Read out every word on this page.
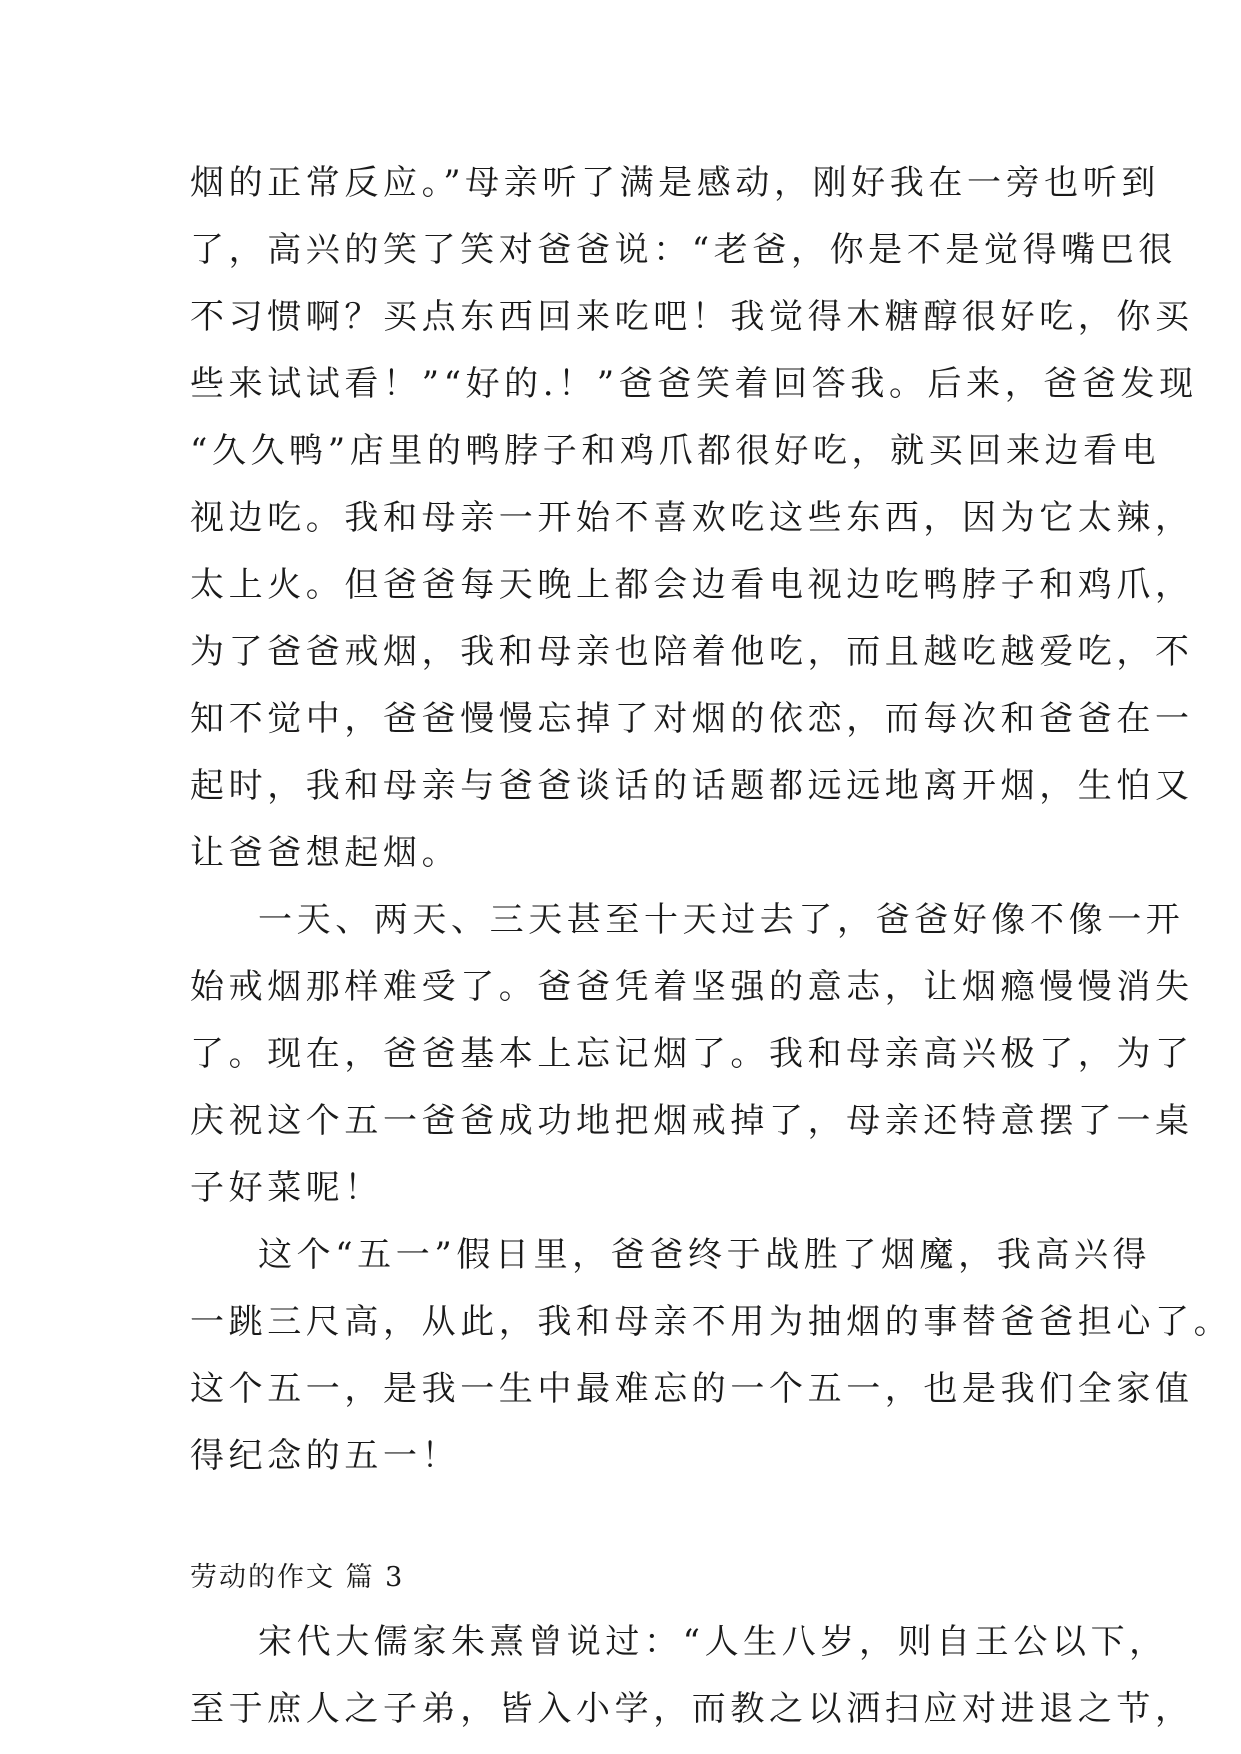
烟的正常反应。”母亲听了满是感动，刚好我在一旁也听到
了，高兴的笑了笑对爸爸说：“老爸，你是不是觉得嘴巴很
不习惯啊？买点东西回来吃吧！我觉得木糖醇很好吃，你买
些来试试看！”“好的.！”爸爸笑着回答我。后来，爸爸发现
“久久鸭”店里的鸭脖子和鸡爪都很好吃，就买回来边看电
视边吃。我和母亲一开始不喜欢吃这些东西，因为它太辣，
太上火。但爸爸每天晚上都会边看电视边吃鸭脖子和鸡爪，
为了爸爸戒烟，我和母亲也陪着他吃，而且越吃越爱吃，不
知不觉中，爸爸慢慢忘掉了对烟的依恋，而每次和爸爸在一
起时，我和母亲与爸爸谈话的话题都远远地离开烟，生怕又
让爸爸想起烟。
一天、两天、三天甚至十天过去了，爸爸好像不像一开
始戒烟那样难受了。爸爸凭着坚强的意志，让烟瘾慢慢消失
了。现在，爸爸基本上忘记烟了。我和母亲高兴极了，为了
庆祝这个五一爸爸成功地把烟戒掉了，母亲还特意摆了一桌
子好菜呢！
这个“五一”假日里，爸爸终于战胜了烟魔，我高兴得
一跳三尺高，从此，我和母亲不用为抽烟的事替爸爸担心了。
这个五一，是我一生中最难忘的一个五一，也是我们全家值
得纪念的五一！
劳动的作文 篇 3
宋代大儒家朱熹曾说过：“人生八岁，则自王公以下，
至于庶人之子弟，皆入小学，而教之以洒扫应对进退之节，
